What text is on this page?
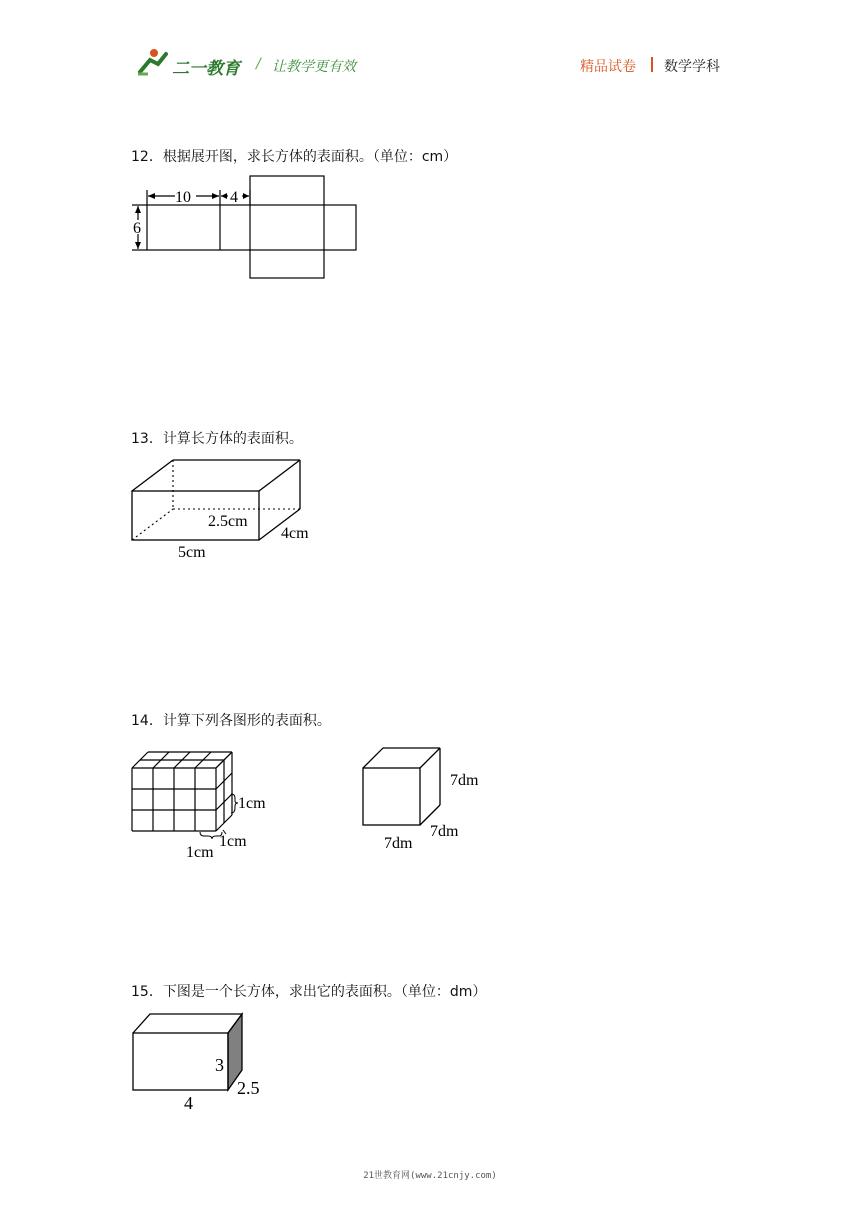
二一教育 / 让教学更有效	精品试卷 数学学科
12．根据展开图，求长方体的表面积。（单位：cm）
10 4
6
13．计算长方体的表面积。
2.5cm
4cm
5cm
14．计算下列各图形的表面积。
1cm
1cm
1cm
7dm
7dm
7dm
15．下图是一个长方体，求出它的表面积。（单位：dm）
3
2.5
4
21世教育网(www.21cnjy.com)
